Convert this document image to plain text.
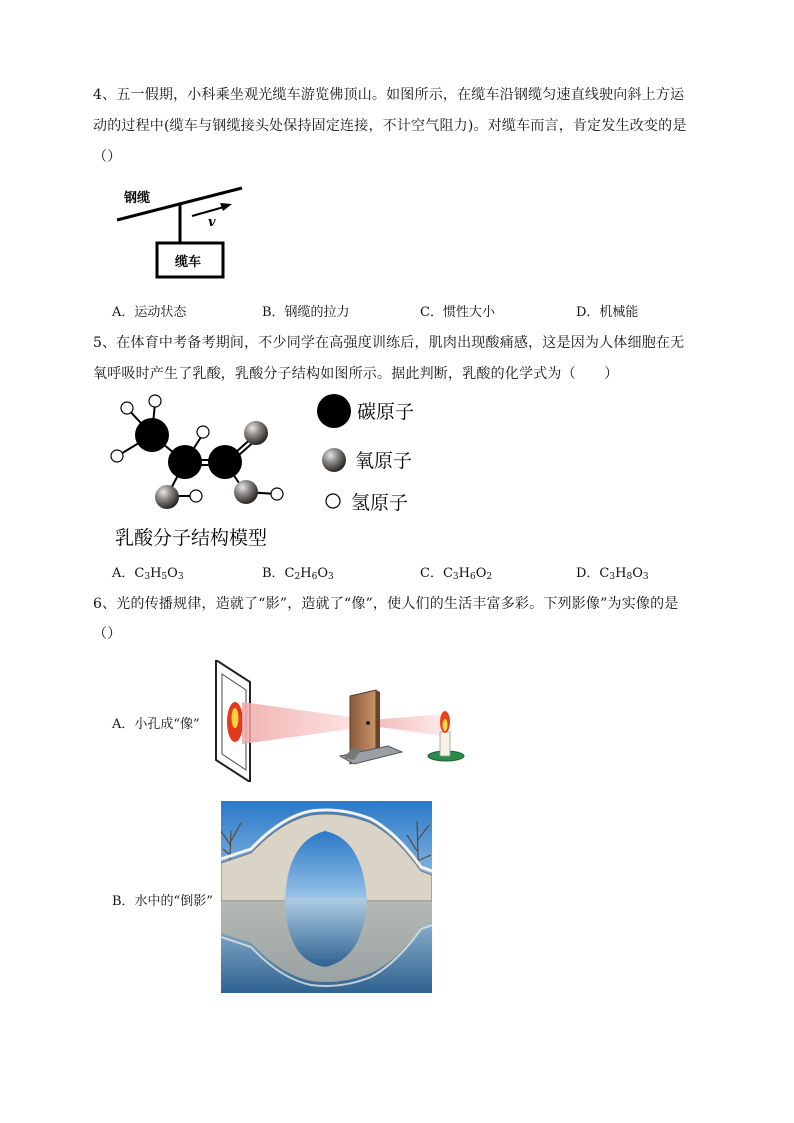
4、五一假期，小科乘坐观光缆车游览佛顶山。如图所示，在缆车沿钢缆匀速直线驶向斜上方运
动的过程中(缆车与钢缆接头处保持固定连接，不计空气阻力)。对缆车而言，肯定发生改变的是
（）
钢缆
v
缆车
A．运动状态	B．钢缆的拉力	C．惯性大小	D．机械能
5、在体育中考备考期间，不少同学在高强度训练后，肌肉出现酸痛感，这是因为人体细胞在无
氧呼吸时产生了乳酸，乳酸分子结构如图所示。据此判断，乳酸的化学式为（　　）
碳原子
氧原子
氢原子
乳酸分子结构模型
A．$C_3H_5O_3$	B．$C_2H_6O_3$	C．$C_3H_6O_2$	D．$C_3H_8O_3$
6、光的传播规律，造就了“影”，造就了“像”，使人们的生活丰富多彩。下列影像”为实像的是
（）
A．小孔成“像”
B．水中的“倒影”
